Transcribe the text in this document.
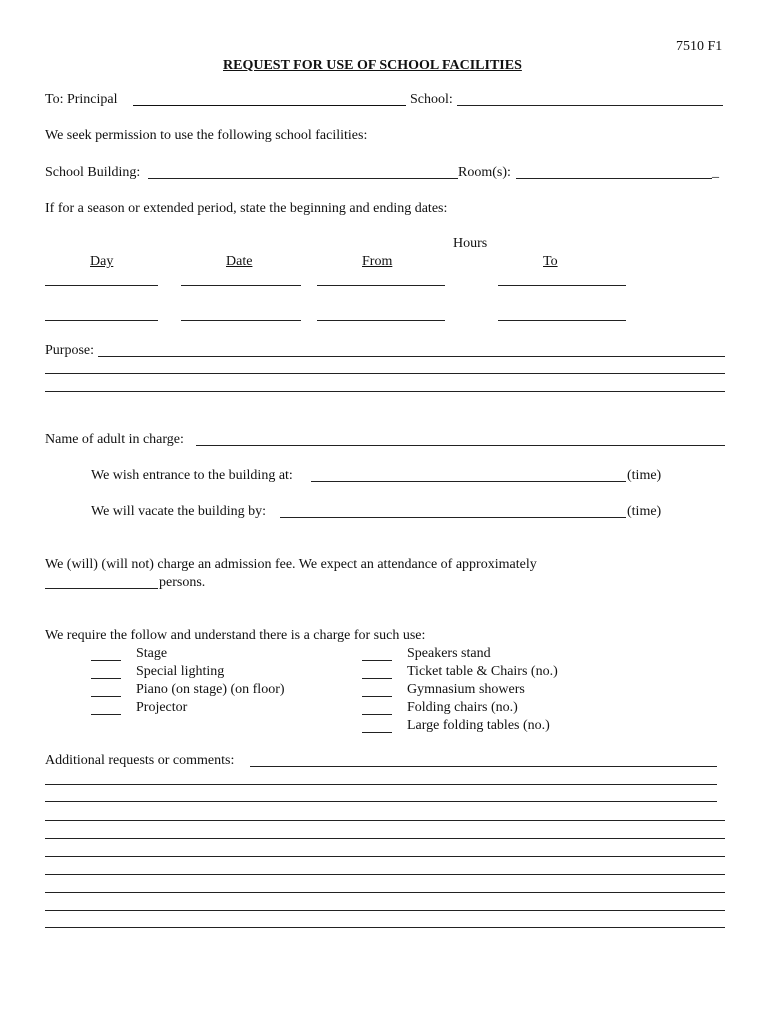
7510 F1
REQUEST FOR USE OF SCHOOL FACILITIES
To: Principal	School:
We seek permission to use the following school facilities:
School Building:	Room(s):	_
If for a season or extended period, state the beginning and ending dates:
Hours
Day	Date	From	To
Purpose:
Name of adult in charge:
We wish entrance to the building at:	(time)
We will vacate the building by:	(time)
We (will) (will not) charge an admission fee. We expect an attendance of approximately
persons.
We require the follow and understand there is a charge for such use:
Stage
Special lighting
Piano (on stage) (on floor)
Projector
Speakers stand
Ticket table & Chairs (no.)
Gymnasium showers
Folding chairs (no.)
Large folding tables (no.)
Additional requests or comments:
